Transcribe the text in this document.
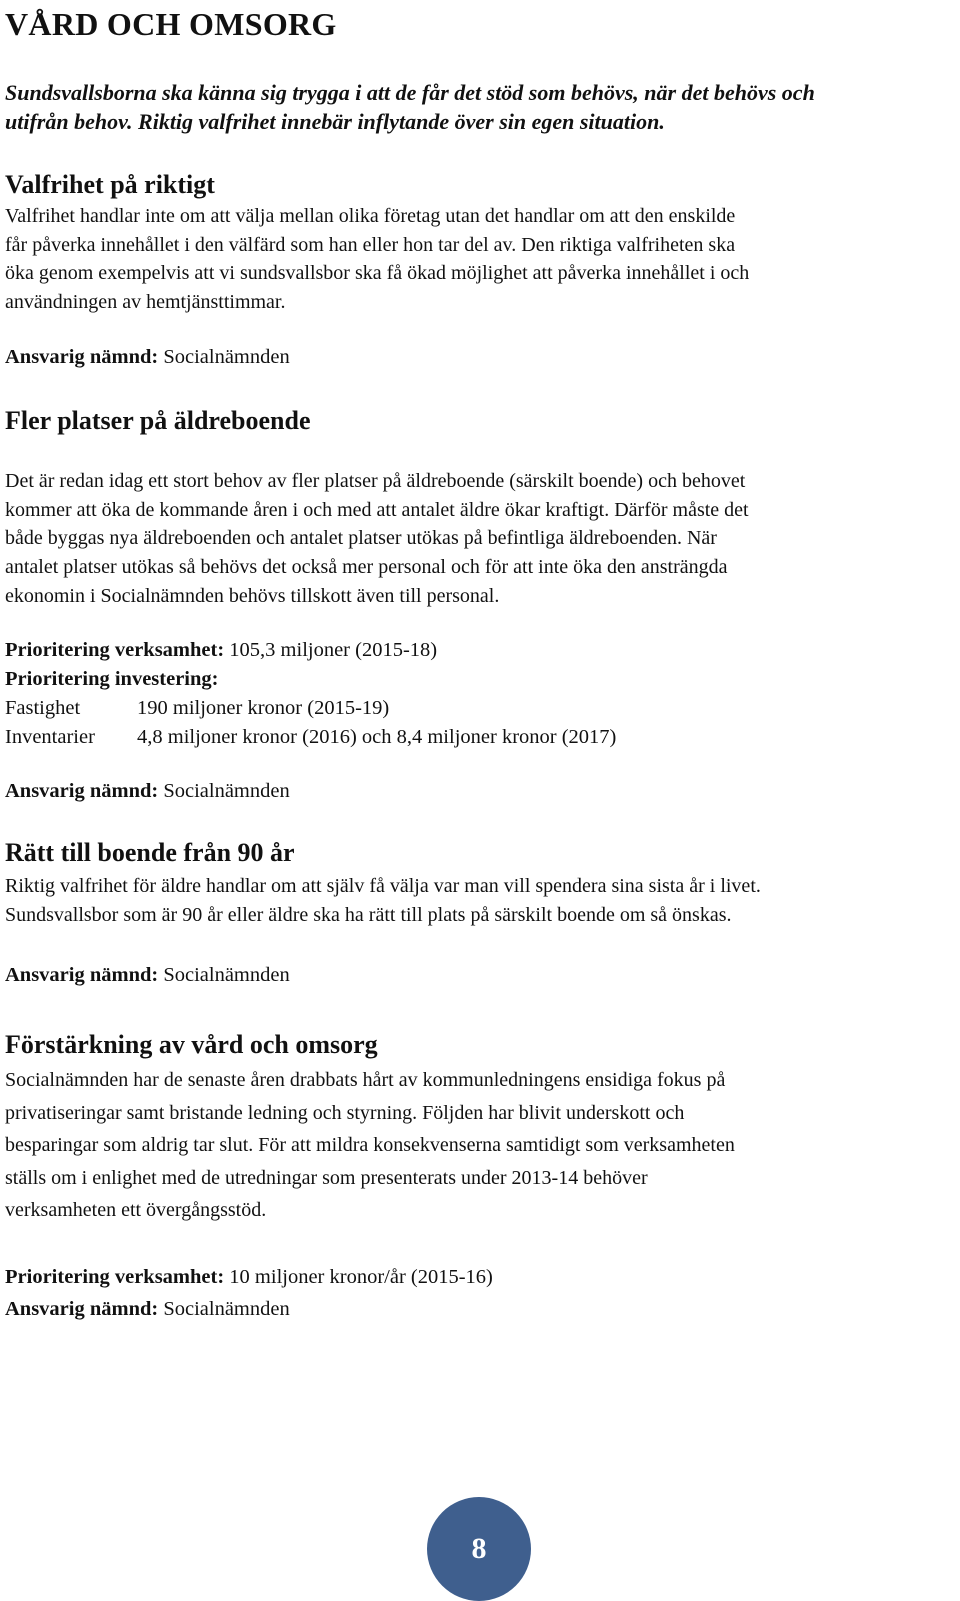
VÅRD OCH OMSORG

Sundsvallsborna ska känna sig trygga i att de får det stöd som behövs, när det behövs och
utifrån behov. Riktig valfrihet innebär inflytande över sin egen situation.

Valfrihet på riktigt

Valfrihet handlar inte om att välja mellan olika företag utan det handlar om att den enskilde
får påverka innehållet i den välfärd som han eller hon tar del av. Den riktiga valfriheten ska
öka genom exempelvis att vi sundsvallsbor ska få ökad möjlighet att påverka innehållet i och
användningen av hemtjänsttimmar.

Ansvarig nämnd: Socialnämnden

Fler platser på äldreboende

Det är redan idag ett stort behov av fler platser på äldreboende (särskilt boende) och behovet
kommer att öka de kommande åren i och med att antalet äldre ökar kraftigt. Därför måste det
både byggas nya äldreboenden och antalet platser utökas på befintliga äldreboenden. När
antalet platser utökas så behövs det också mer personal och för att inte öka den ansträngda
ekonomin i Socialnämnden behövs tillskott även till personal.

Prioritering verksamhet: 105,3 miljoner (2015-18)
Prioritering investering:
Fastighet	190 miljoner kronor (2015-19)
Inventarier 4,8 miljoner kronor (2016) och 8,4 miljoner kronor (2017)

Ansvarig nämnd: Socialnämnden

Rätt till boende från 90 år

Riktig valfrihet för äldre handlar om att själv få välja var man vill spendera sina sista år i livet.
Sundsvallsbor som är 90 år eller äldre ska ha rätt till plats på särskilt boende om så önskas.

Ansvarig nämnd: Socialnämnden

Förstärkning av vård och omsorg

Socialnämnden har de senaste åren drabbats hårt av kommunledningens ensidiga fokus på
privatiseringar samt bristande ledning och styrning. Följden har blivit underskott och
besparingar som aldrig tar slut. För att mildra konsekvenserna samtidigt som verksamheten
ställs om i enlighet med de utredningar som presenterats under 2013-14 behöver
verksamheten ett övergångsstöd.

Prioritering verksamhet: 10 miljoner kronor/år (2015-16)
Ansvarig nämnd: Socialnämnden

8
